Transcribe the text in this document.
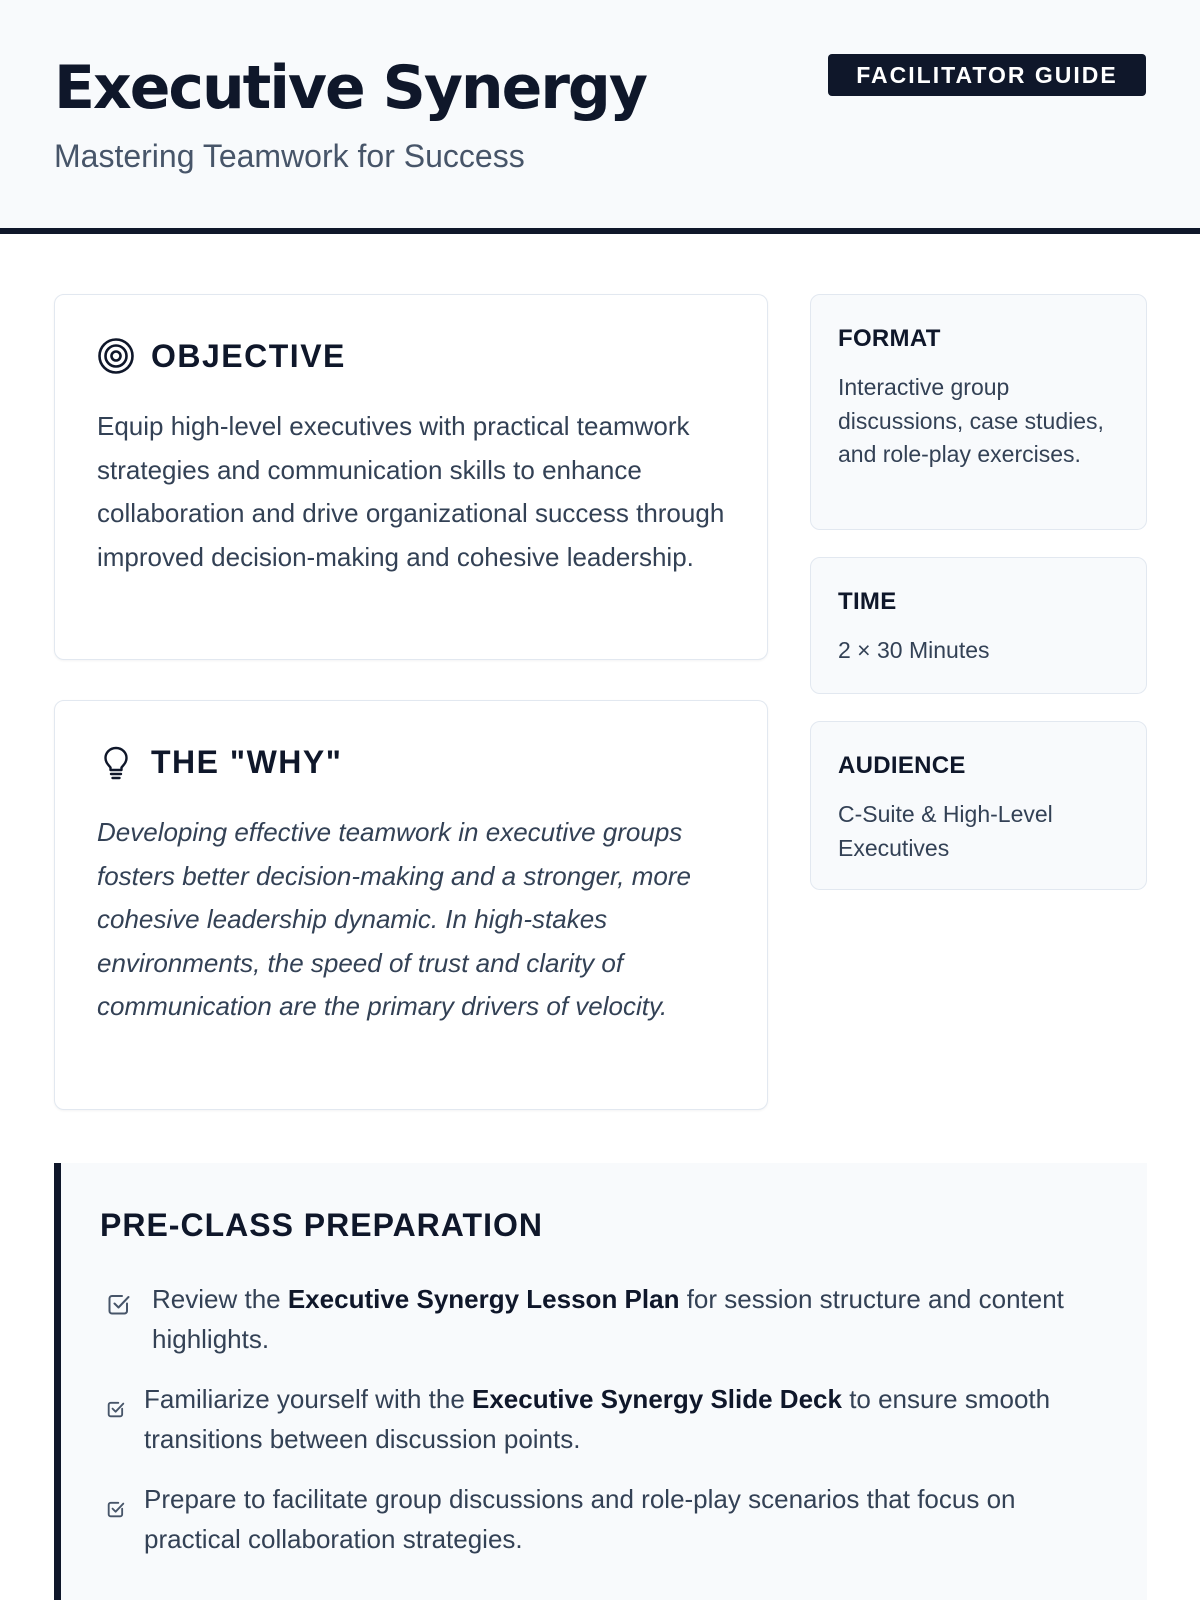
Executive Synergy
Mastering Teamwork for Success
FACILITATOR GUIDE
OBJECTIVE

Equip high-level executives with practical teamwork strategies and communication skills to enhance collaboration and drive organizational success through improved decision-making and cohesive leadership.

THE "WHY"

Developing effective teamwork in executive groups fosters better decision-making and a stronger, more cohesive leadership dynamic. In high-stakes environments, the speed of trust and clarity of communication are the primary drivers of velocity.

FORMAT
Interactive group discussions, case studies, and role-play exercises.
TIME
2 × 30 Minutes
AUDIENCE
C-Suite & High-Level Executives
PRE-CLASS PREPARATION
Review the Executive Synergy Lesson Plan for session structure and content highlights.
Familiarize yourself with the Executive Synergy Slide Deck to ensure smooth transitions between discussion points.
Prepare to facilitate group discussions and role-play scenarios that focus on practical collaboration strategies.
